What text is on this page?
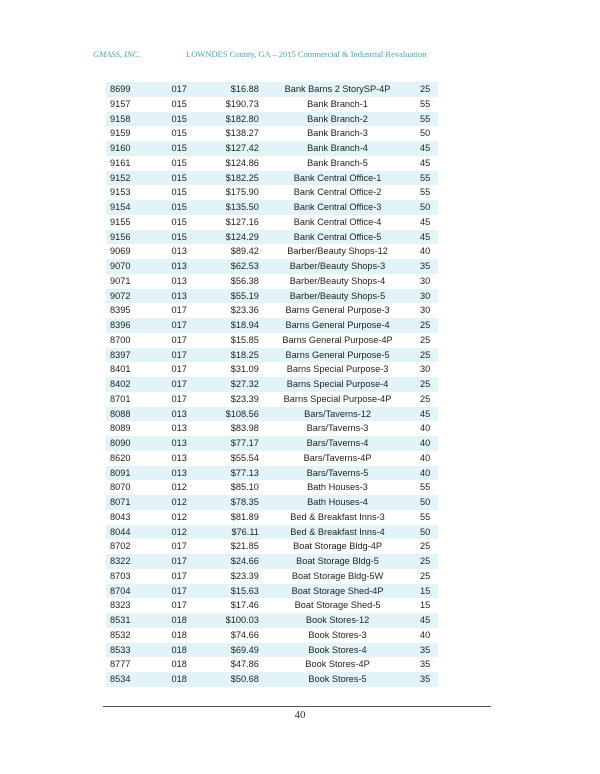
GMASS, INC.	LOWNDES County, GA – 2015 Commercial & Industrial Revaluation
8699	017	$16.88	Bank Barns 2 StorySP-4P	25
9157	015	$190.73	Bank Branch-1	55
9158	015	$182.80	Bank Branch-2	55
9159	015	$138.27	Bank Branch-3	50
9160	015	$127.42	Bank Branch-4	45
9161	015	$124.86	Bank Branch-5	45
9152	015	$182.25	Bank Central Office-1	55
9153	015	$175.90	Bank Central Office-2	55
9154	015	$135.50	Bank Central Office-3	50
9155	015	$127.16	Bank Central Office-4	45
9156	015	$124.29	Bank Central Office-5	45
9069	013	$89.42	Barber/Beauty Shops-12	40
9070	013	$62.53	Barber/Beauty Shops-3	35
9071	013	$56.38	Barber/Beauty Shops-4	30
9072	013	$55.19	Barber/Beauty Shops-5	30
8395	017	$23.36	Barns General Purpose-3	30
8396	017	$18.94	Barns General Purpose-4	25
8700	017	$15.85	Barns General Purpose-4P	25
8397	017	$18.25	Barns General Purpose-5	25
8401	017	$31.09	Barns Special Purpose-3	30
8402	017	$27.32	Barns Special Purpose-4	25
8701	017	$23.39	Barns Special Purpose-4P	25
8088	013	$108.56	Bars/Taverns-12	45
8089	013	$83.98	Bars/Taverns-3	40
8090	013	$77.17	Bars/Taverns-4	40
8620	013	$55.54	Bars/Taverns-4P	40
8091	013	$77.13	Bars/Taverns-5	40
8070	012	$85.10	Bath Houses-3	55
8071	012	$78.35	Bath Houses-4	50
8043	012	$81.89	Bed & Breakfast Inns-3	55
8044	012	$76.11	Bed & Breakfast Inns-4	50
8702	017	$21.85	Boat Storage Bldg-4P	25
8322	017	$24.66	Boat Storage Bldg-5	25
8703	017	$23.39	Boat Storage Bldg-5W	25
8704	017	$15.63	Boat Storage Shed-4P	15
8323	017	$17.46	Boat Storage Shed-5	15
8531	018	$100.03	Book Stores-12	45
8532	018	$74.66	Book Stores-3	40
8533	018	$69.49	Book Stores-4	35
8777	018	$47.86	Book Stores-4P	35
8534	018	$50.68	Book Stores-5	35
40
